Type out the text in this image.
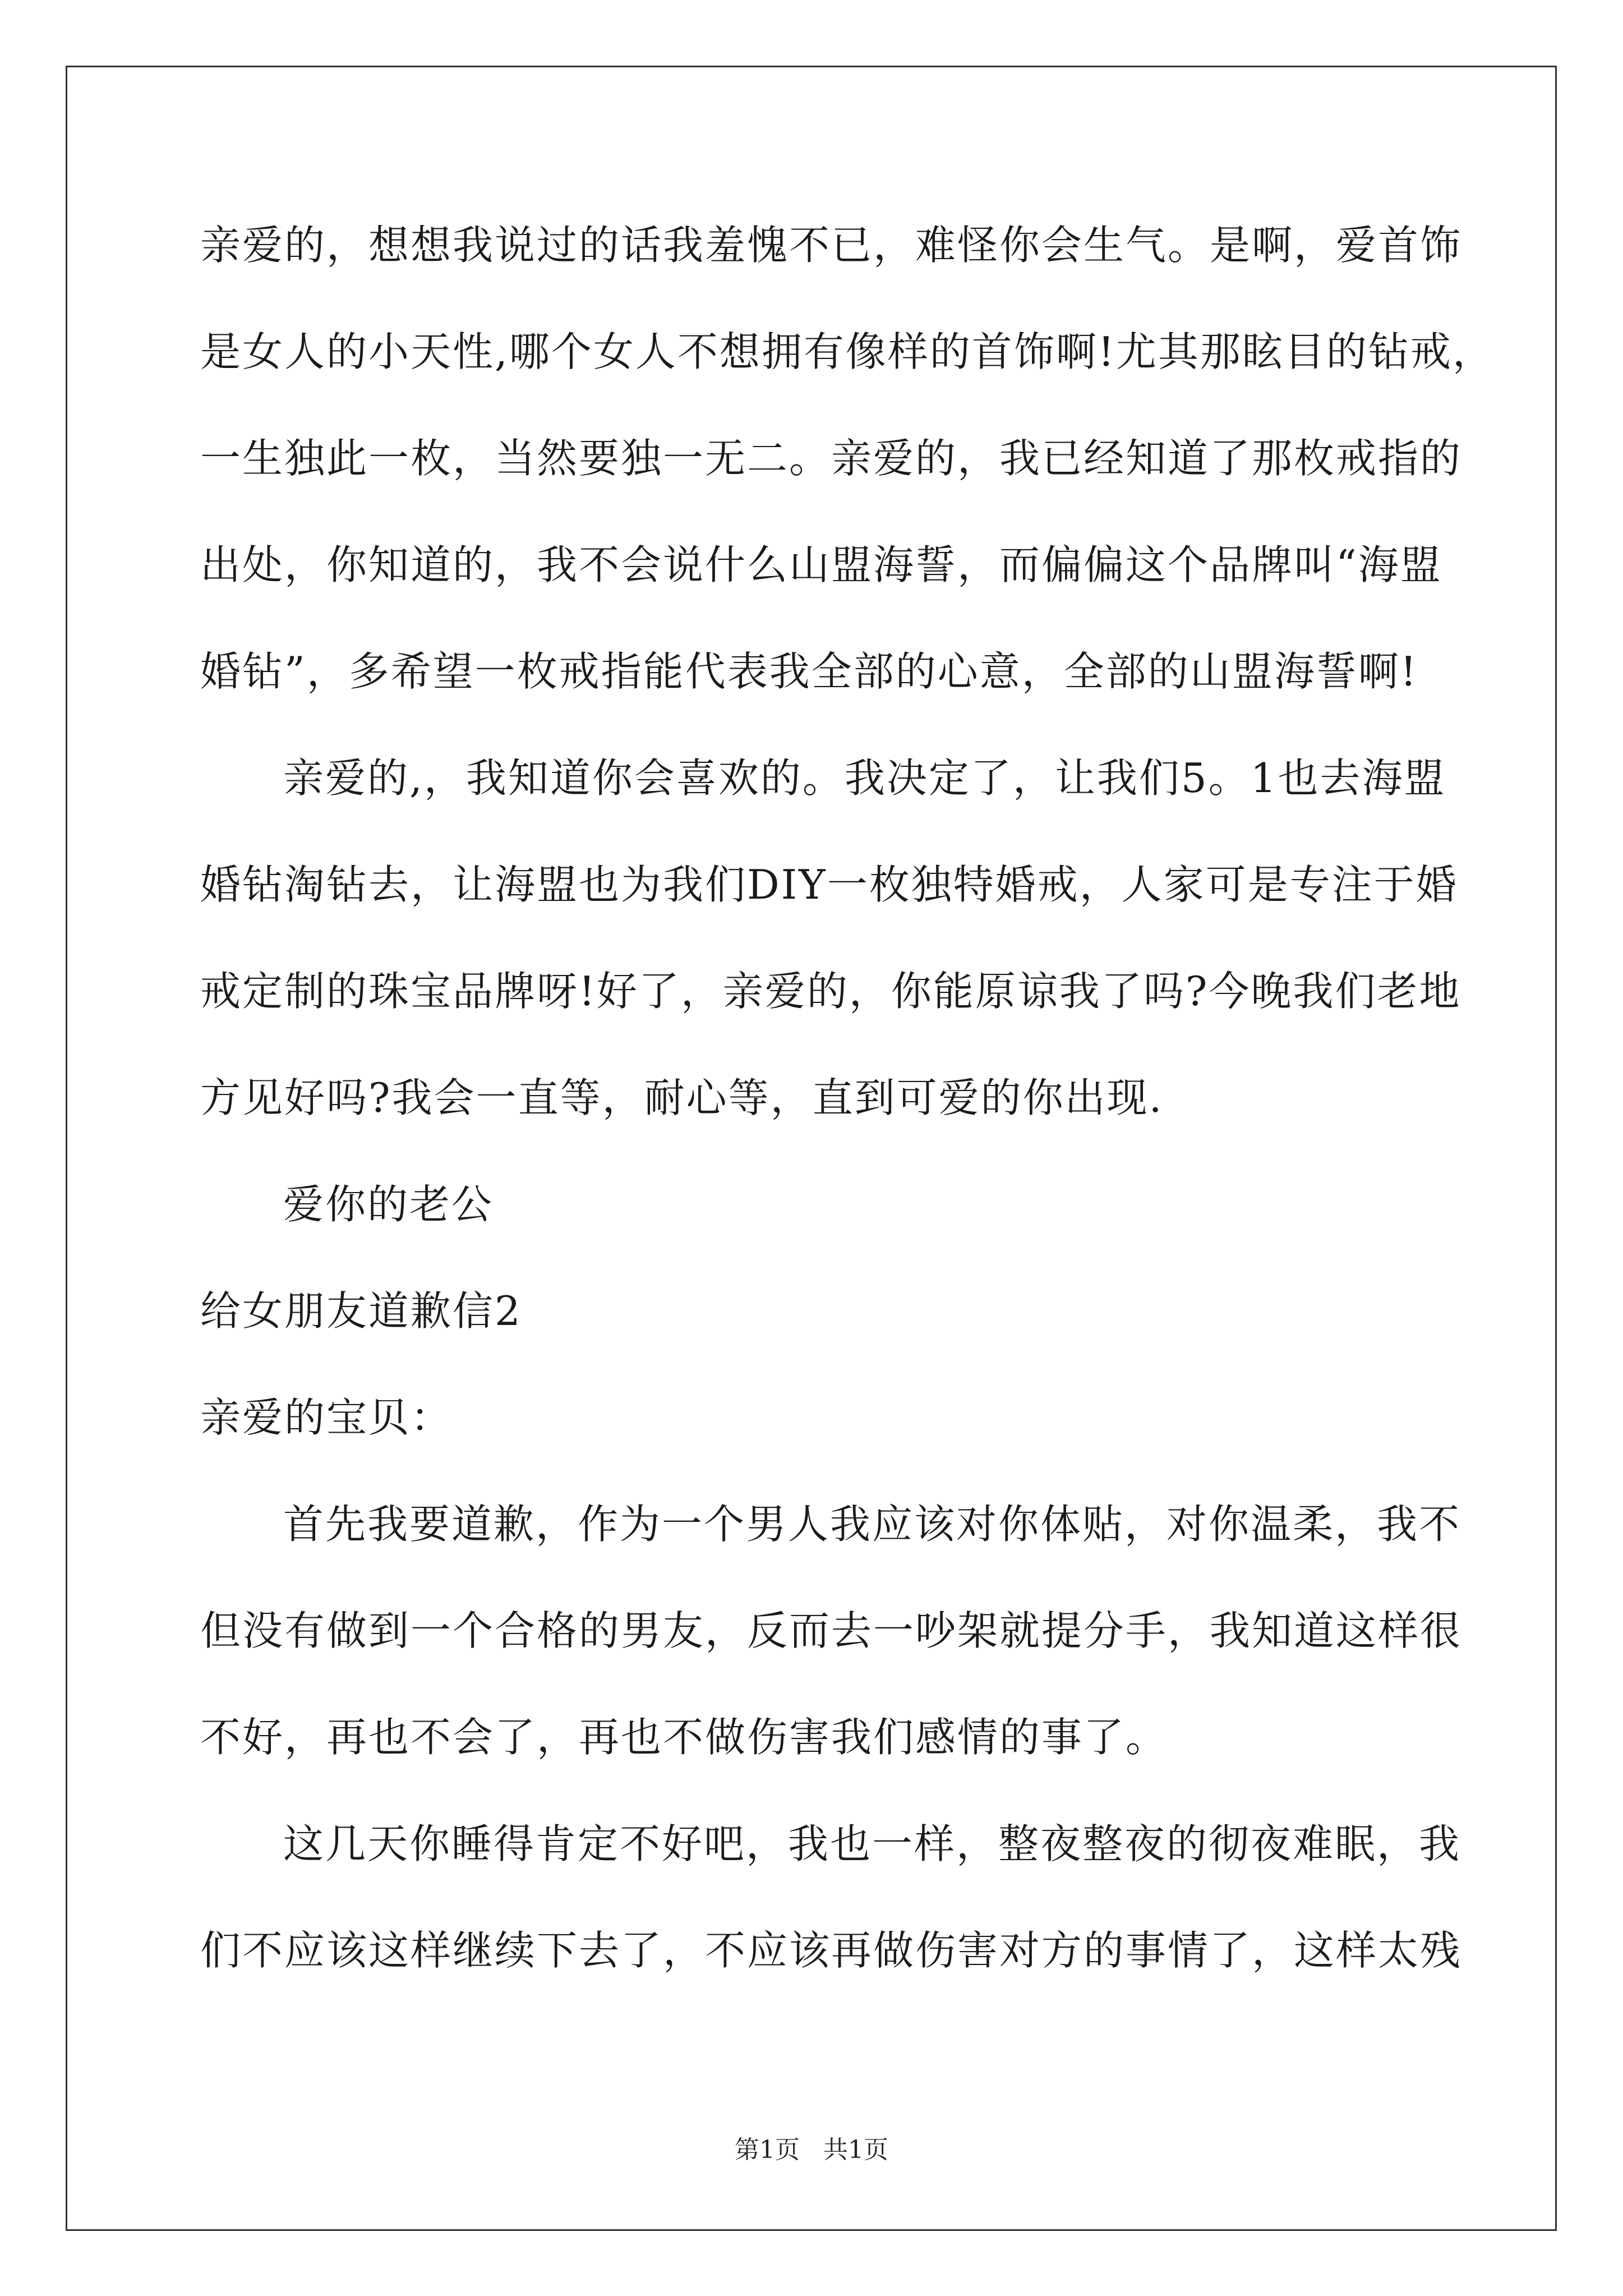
亲爱的，想想我说过的话我羞愧不已，难怪你会生气。是啊，爱首饰
是女人的小天性,哪个女人不想拥有像样的首饰啊!尤其那眩目的钻戒，
一生独此一枚，当然要独一无二。亲爱的，我已经知道了那枚戒指的
出处，你知道的，我不会说什么山盟海誓，而偏偏这个品牌叫“海盟
婚钻”，多希望一枚戒指能代表我全部的心意，全部的山盟海誓啊!
亲爱的,，我知道你会喜欢的。我决定了，让我们5。1也去海盟
婚钻淘钻去，让海盟也为我们DIY一枚独特婚戒，人家可是专注于婚
戒定制的珠宝品牌呀!好了，亲爱的，你能原谅我了吗?今晚我们老地
方见好吗?我会一直等，耐心等，直到可爱的你出现.
爱你的老公
给女朋友道歉信2
亲爱的宝贝：
首先我要道歉，作为一个男人我应该对你体贴，对你温柔，我不
但没有做到一个合格的男友，反而去一吵架就提分手，我知道这样很
不好，再也不会了，再也不做伤害我们感情的事了。
这几天你睡得肯定不好吧，我也一样，整夜整夜的彻夜难眠，我
们不应该这样继续下去了，不应该再做伤害对方的事情了，这样太残
第1页 共1页
